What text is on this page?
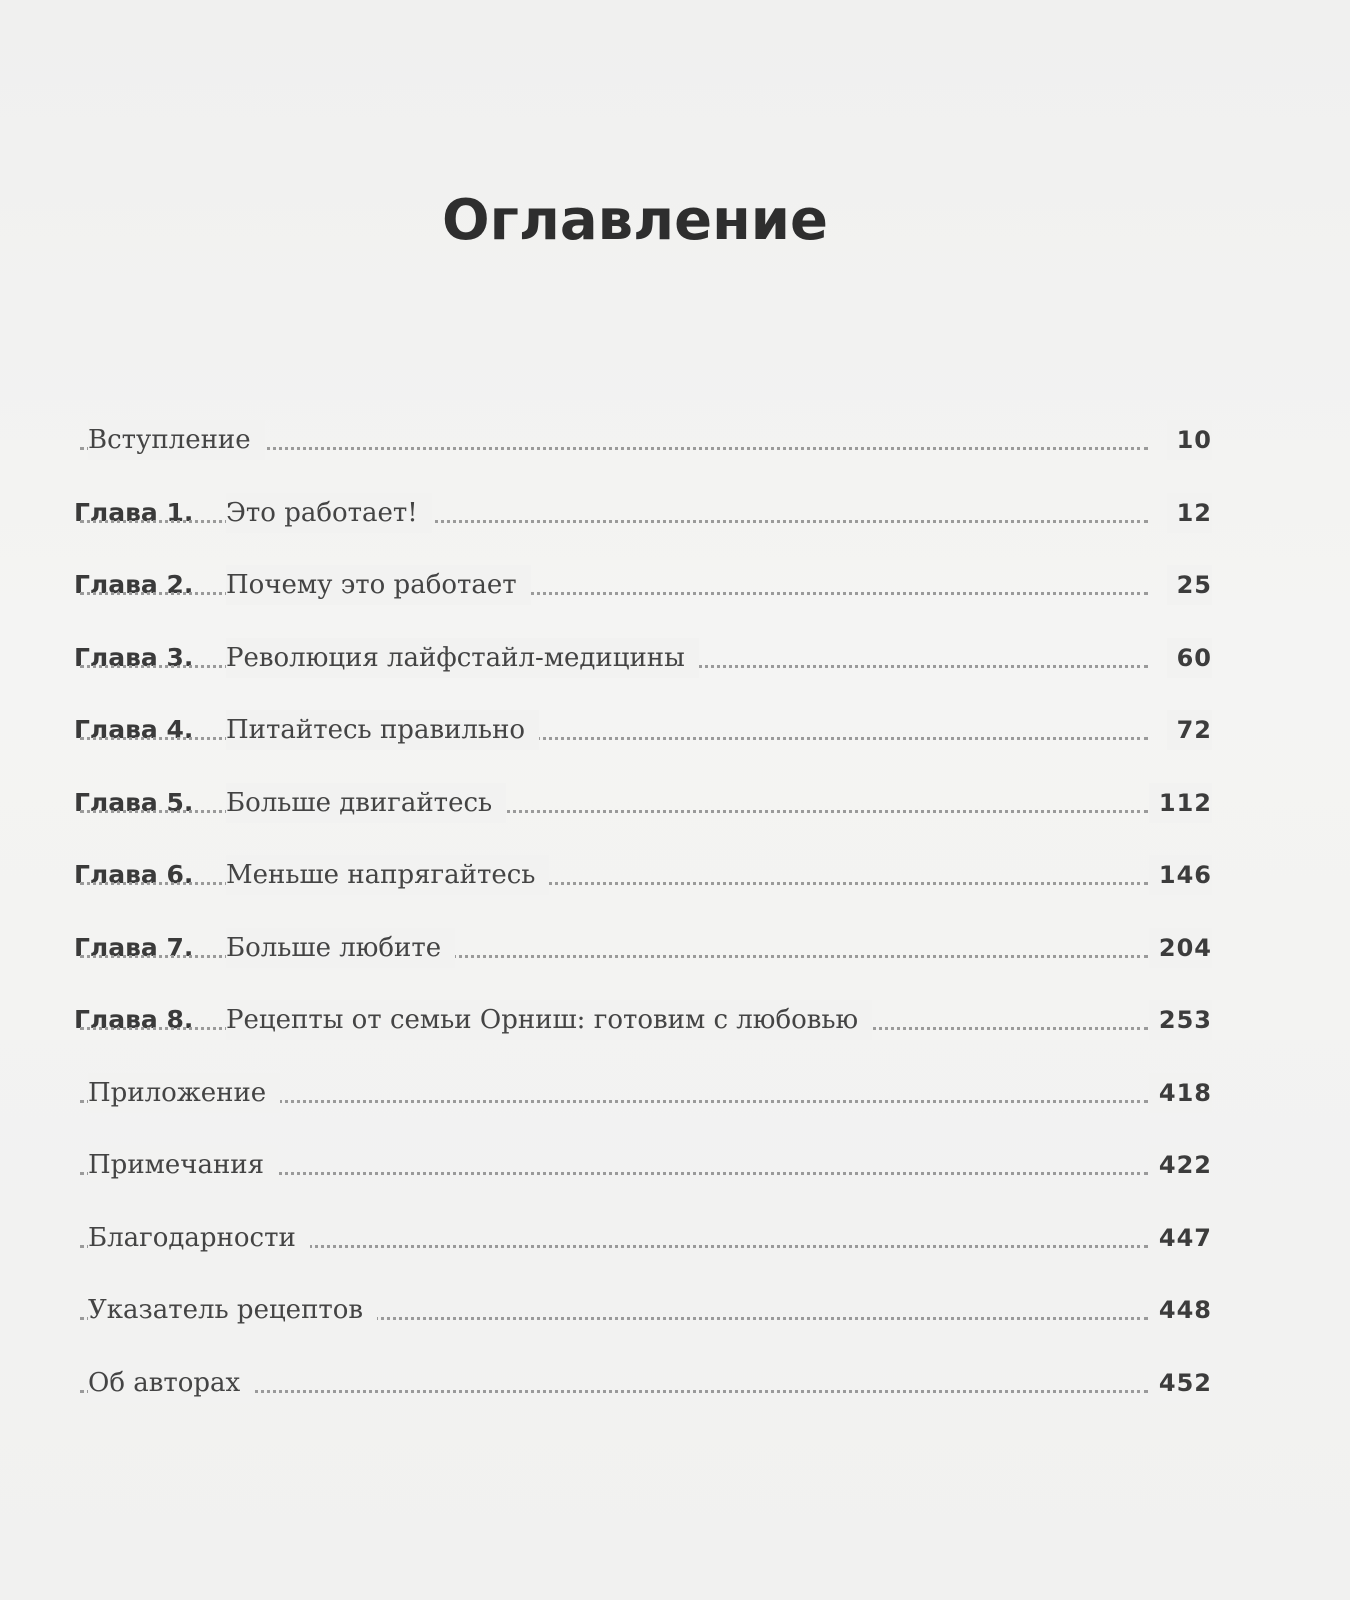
Оглавление
Вступление	10
Глава 1. Это работает!	12
Глава 2. Почему это работает	25
Глава 3. Революция лайфстайл-медицины	60
Глава 4. Питайтесь правильно	72
Глава 5. Больше двигайтесь	112
Глава 6. Меньше напрягайтесь	146
Глава 7. Больше любите	204
Глава 8. Рецепты от семьи Орниш: готовим с любовью	253
Приложение	418
Примечания	422
Благодарности	447
Указатель рецептов	448
Об авторах	452
